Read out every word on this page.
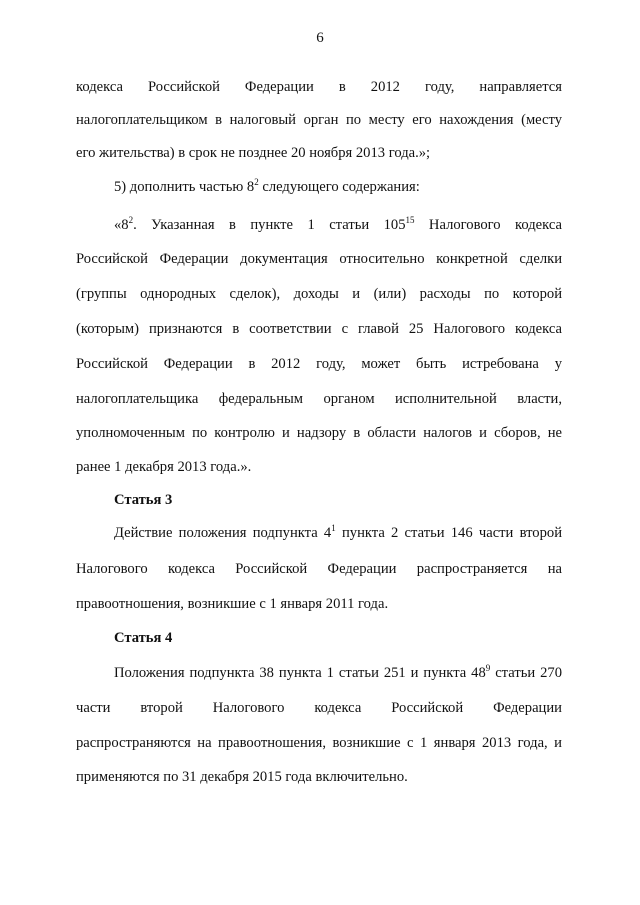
6
кодекса Российской Федерации в 2012 году, направляется
налогоплательщиком в налоговый орган по месту его нахождения (месту
его жительства) в срок не позднее 20 ноября 2013 года.»;
5) дополнить частью $8^2$ следующего содержания:
«$8^2$. Указанная в пункте 1 статьи $105^{15}$ Налогового кодекса
Российской Федерации документация относительно конкретной сделки
(группы однородных сделок), доходы и (или) расходы по которой
(которым) признаются в соответствии с главой 25 Налогового кодекса
Российской Федерации в 2012 году, может быть истребована у
налогоплательщика федеральным органом исполнительной власти,
уполномоченным по контролю и надзору в области налогов и сборов, не
ранее 1 декабря 2013 года.».
Статья 3
Действие положения подпункта $4^1$ пункта 2 статьи 146 части второй
Налогового кодекса Российской Федерации распространяется на
правоотношения, возникшие с 1 января 2011 года.
Статья 4
Положения подпункта 38 пункта 1 статьи 251 и пункта $48^9$ статьи 270
части второй Налогового кодекса Российской Федерации
распространяются на правоотношения, возникшие с 1 января 2013 года, и
применяются по 31 декабря 2015 года включительно.
